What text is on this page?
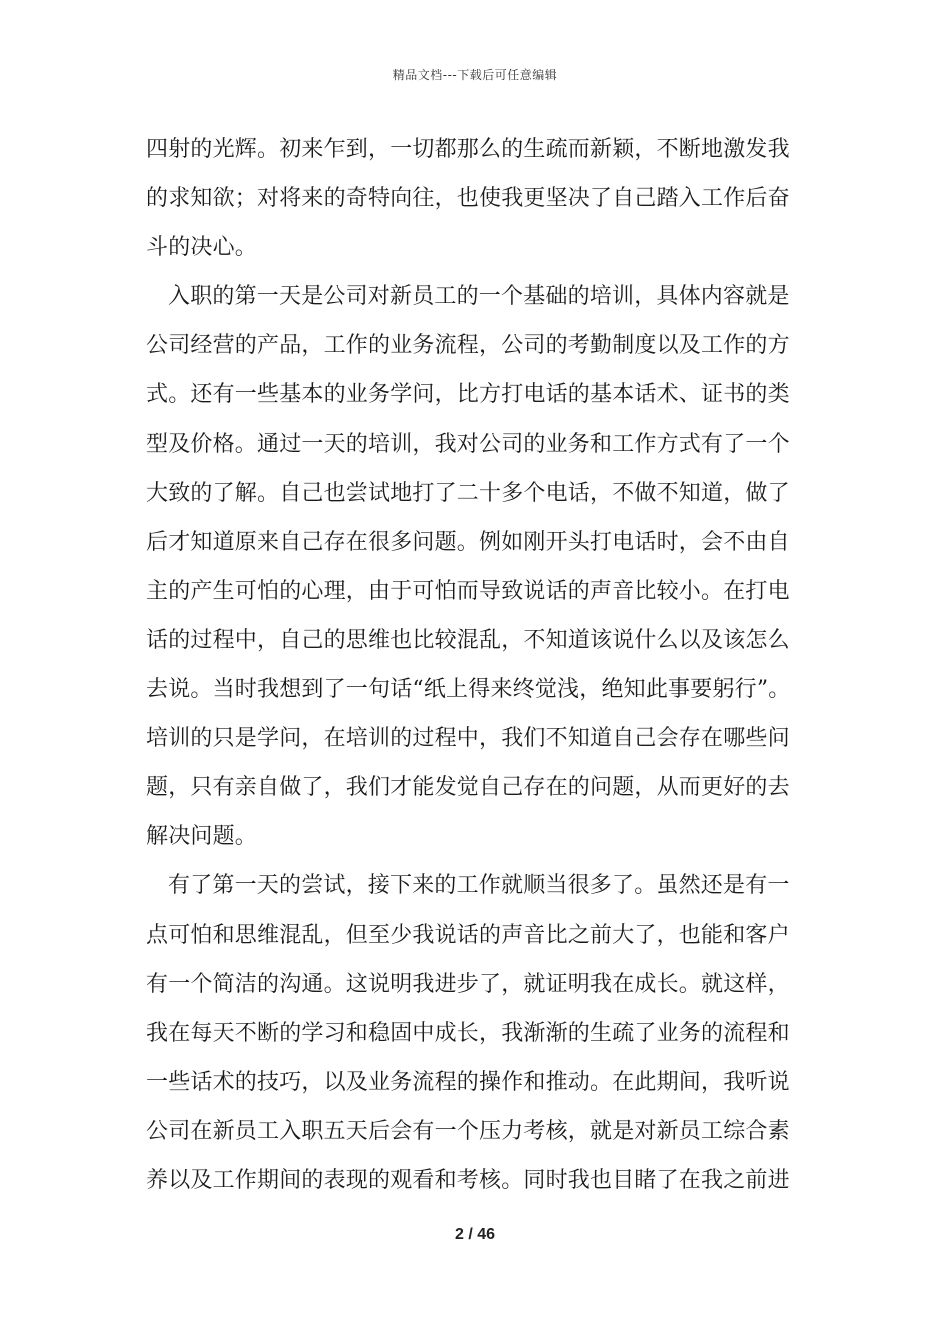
精品文档---下载后可任意编辑
四射的光辉。初来乍到，一切都那么的生疏而新颖，不断地激发我
的求知欲；对将来的奇特向往，也使我更坚决了自己踏入工作后奋
斗的决心。
入职的第一天是公司对新员工的一个基础的培训，具体内容就是
公司经营的产品，工作的业务流程，公司的考勤制度以及工作的方
式。还有一些基本的业务学问，比方打电话的基本话术、证书的类
型及价格。通过一天的培训，我对公司的业务和工作方式有了一个
大致的了解。自己也尝试地打了二十多个电话，不做不知道，做了
后才知道原来自己存在很多问题。例如刚开头打电话时，会不由自
主的产生可怕的心理，由于可怕而导致说话的声音比较小。在打电
话的过程中，自己的思维也比较混乱，不知道该说什么以及该怎么
去说。当时我想到了一句话“纸上得来终觉浅，绝知此事要躬行”。
培训的只是学问，在培训的过程中，我们不知道自己会存在哪些问
题，只有亲自做了，我们才能发觉自己存在的问题，从而更好的去
解决问题。
有了第一天的尝试，接下来的工作就顺当很多了。虽然还是有一
点可怕和思维混乱，但至少我说话的声音比之前大了，也能和客户
有一个简洁的沟通。这说明我进步了，就证明我在成长。就这样，
我在每天不断的学习和稳固中成长，我渐渐的生疏了业务的流程和
一些话术的技巧，以及业务流程的操作和推动。在此期间，我听说
公司在新员工入职五天后会有一个压力考核，就是对新员工综合素
养以及工作期间的表现的观看和考核。同时我也目睹了在我之前进
2 / 46
